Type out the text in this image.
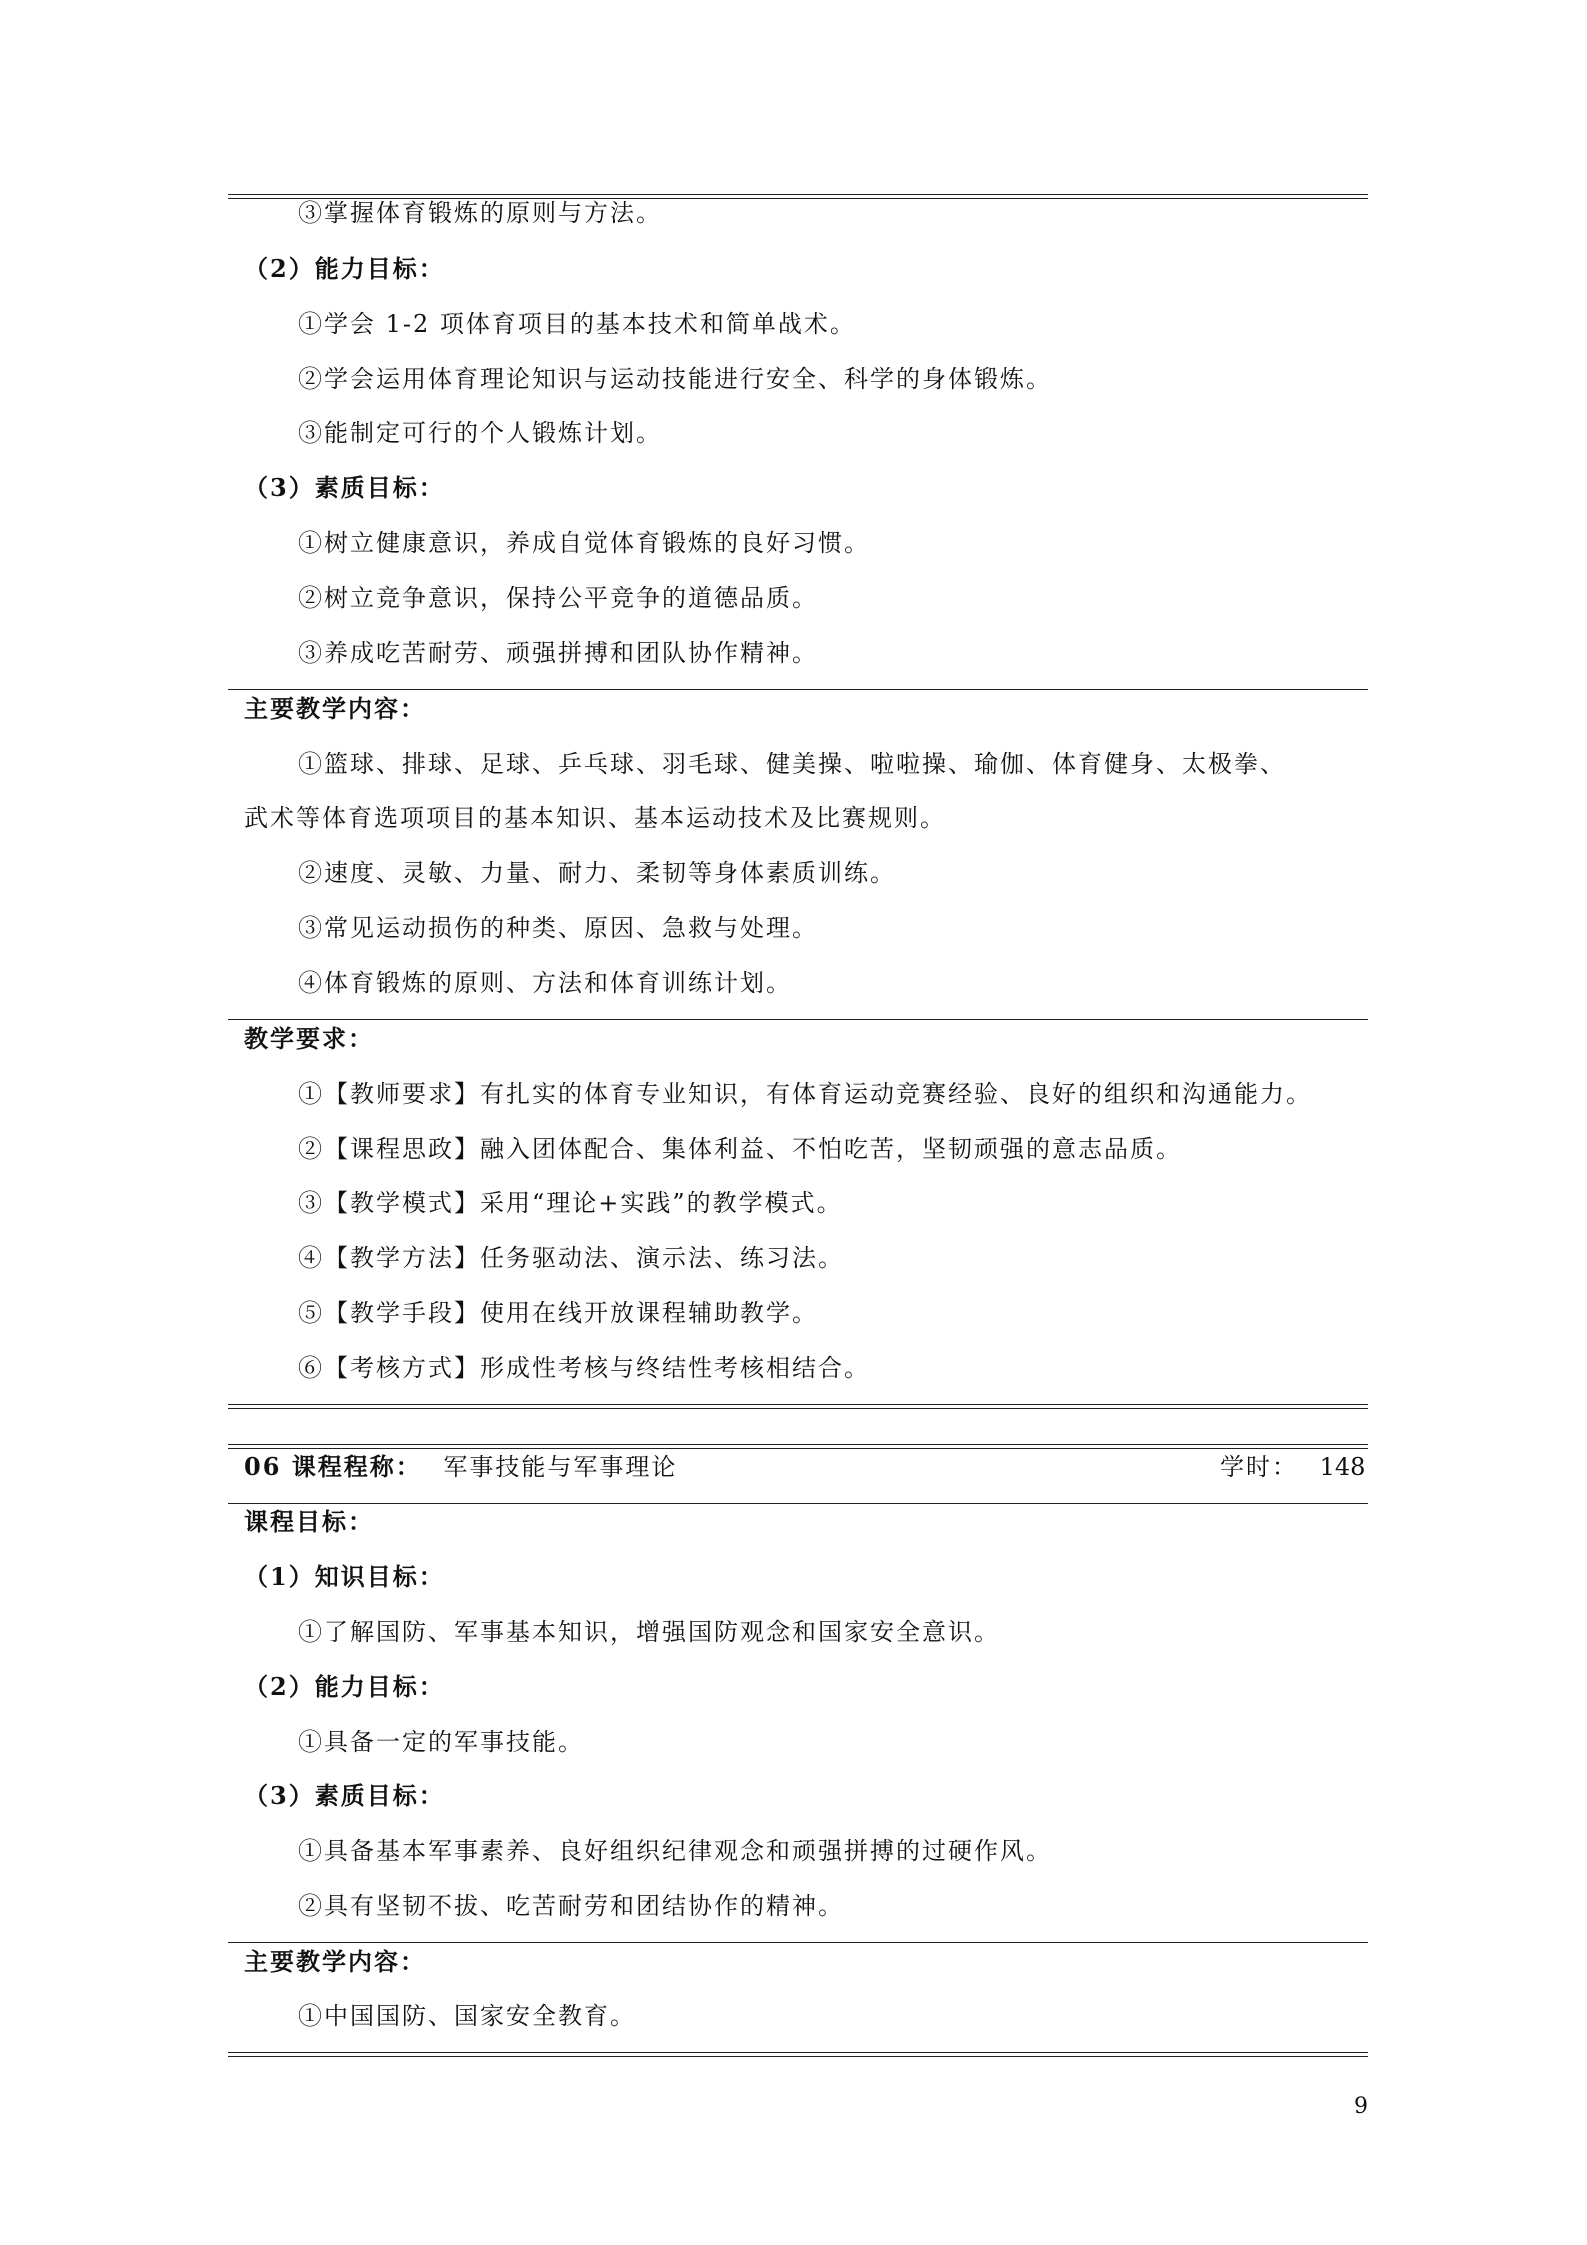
③掌握体育锻炼的原则与方法。
（2）能力目标：
①学会 1-2 项体育项目的基本技术和简单战术。
②学会运用体育理论知识与运动技能进行安全、科学的身体锻炼。
③能制定可行的个人锻炼计划。
（3）素质目标：
①树立健康意识，养成自觉体育锻炼的良好习惯。
②树立竞争意识，保持公平竞争的道德品质。
③养成吃苦耐劳、顽强拼搏和团队协作精神。
主要教学内容：
①篮球、排球、足球、乒乓球、羽毛球、健美操、啦啦操、瑜伽、体育健身、太极拳、
武术等体育选项项目的基本知识、基本运动技术及比赛规则。
②速度、灵敏、力量、耐力、柔韧等身体素质训练。
③常见运动损伤的种类、原因、急救与处理。
④体育锻炼的原则、方法和体育训练计划。
教学要求：
①【教师要求】有扎实的体育专业知识，有体育运动竞赛经验、良好的组织和沟通能力。
②【课程思政】融入团体配合、集体利益、不怕吃苦，坚韧顽强的意志品质。
③【教学模式】采用“理论+实践”的教学模式。
④【教学方法】任务驱动法、演示法、练习法。
⑤【教学手段】使用在线开放课程辅助教学。
⑥【考核方式】形成性考核与终结性考核相结合。
06 课程程称： 军事技能与军事理论	学时： 148
课程目标：
（1）知识目标：
①了解国防、军事基本知识，增强国防观念和国家安全意识。
（2）能力目标：
①具备一定的军事技能。
（3）素质目标：
①具备基本军事素养、良好组织纪律观念和顽强拼搏的过硬作风。
②具有坚韧不拔、吃苦耐劳和团结协作的精神。
主要教学内容：
①中国国防、国家安全教育。
9
